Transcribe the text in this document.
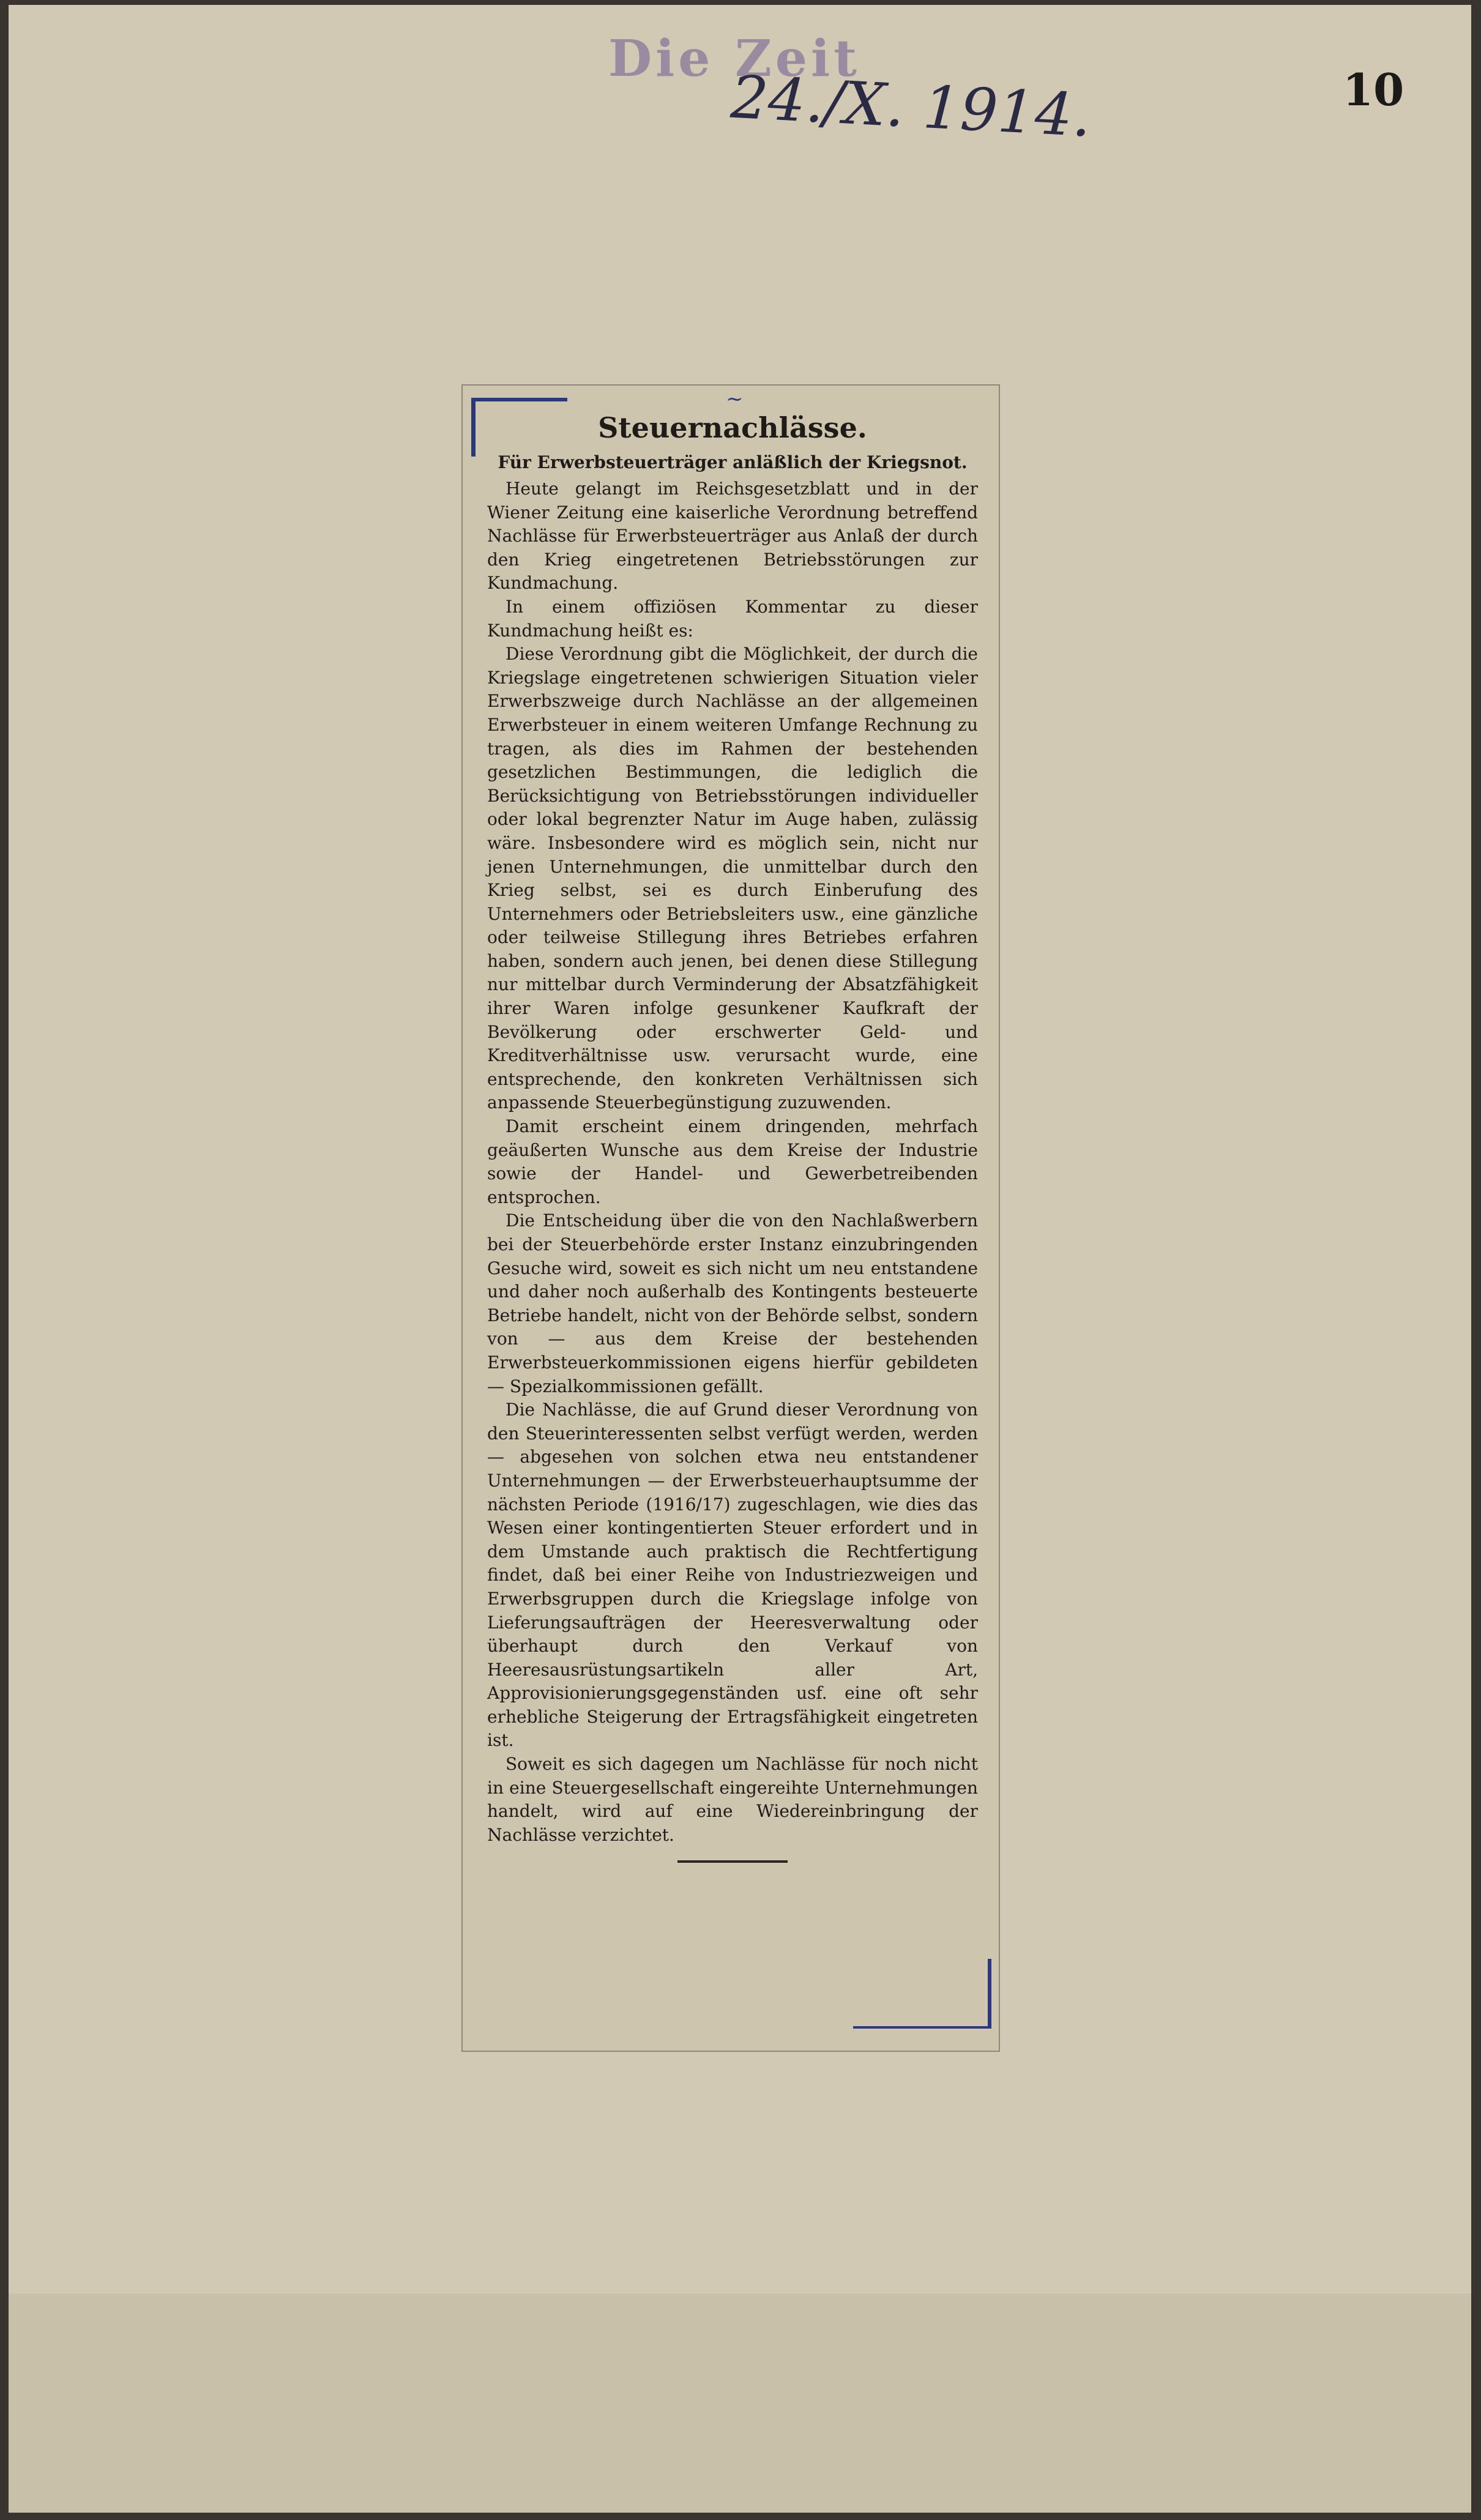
Die Zeit
24./X. 1914.	10
~
Steuernachlässe.
Für Erwerbsteuerträger anläßlich der Kriegsnot.

Heute gelangt im Reichsgesetzblatt und in der Wiener Zeitung eine kaiserliche Verordnung betreffend Nachlässe für Erwerbsteuerträger aus Anlaß der durch den Krieg eingetretenen Betriebsstörungen zur Kundmachung.

In einem offiziösen Kommentar zu dieser Kundmachung heißt es:

Diese Verordnung gibt die Möglichkeit, der durch die Kriegslage eingetretenen schwierigen Situation vieler Erwerbszweige durch Nachlässe an der allgemeinen Erwerbsteuer in einem weiteren Umfange Rechnung zu tragen, als dies im Rahmen der bestehenden gesetzlichen Bestimmungen, die lediglich die Berücksichtigung von Betriebsstörungen individueller oder lokal begrenzter Natur im Auge haben, zulässig wäre. Insbesondere wird es möglich sein, nicht nur jenen Unternehmungen, die unmittelbar durch den Krieg selbst, sei es durch Einberufung des Unternehmers oder Betriebsleiters usw., eine gänzliche oder teilweise Stillegung ihres Betriebes erfahren haben, sondern auch jenen, bei denen diese Stillegung nur mittelbar durch Verminderung der Absatzfähigkeit ihrer Waren infolge gesunkener Kaufkraft der Bevölkerung oder erschwerter Geld- und Kreditverhältnisse usw. verursacht wurde, eine entsprechende, den konkreten Verhältnissen sich anpassende Steuerbegünstigung zuzuwenden.

Damit erscheint einem dringenden, mehrfach geäußerten Wunsche aus dem Kreise der Industrie sowie der Handel- und Gewerbetreibenden entsprochen.

Die Entscheidung über die von den Nachlaßwerbern bei der Steuerbehörde erster Instanz einzubringenden Gesuche wird, soweit es sich nicht um neu entstandene und daher noch außerhalb des Kontingents besteuerte Betriebe handelt, nicht von der Behörde selbst, sondern von — aus dem Kreise der bestehenden Erwerbsteuerkommissionen eigens hierfür gebildeten — Spezialkommissionen gefällt.

Die Nachlässe, die auf Grund dieser Verordnung von den Steuerinteressenten selbst verfügt werden, werden — abgesehen von solchen etwa neu entstandener Unternehmungen — der Erwerbsteuerhauptsumme der nächsten Periode (1916/17) zugeschlagen, wie dies das Wesen einer kontingentierten Steuer erfordert und in dem Umstande auch praktisch die Rechtfertigung findet, daß bei einer Reihe von Industriezweigen und Erwerbsgruppen durch die Kriegslage infolge von Lieferungsaufträgen der Heeresverwaltung oder überhaupt durch den Verkauf von Heeresausrüstungsartikeln aller Art, Approvisionierungsgegenständen usf. eine oft sehr erhebliche Steigerung der Ertragsfähigkeit eingetreten ist.

Soweit es sich dagegen um Nachlässe für noch nicht in eine Steuergesellschaft eingereihte Unternehmungen handelt, wird auf eine Wiedereinbringung der Nachlässe verzichtet.
